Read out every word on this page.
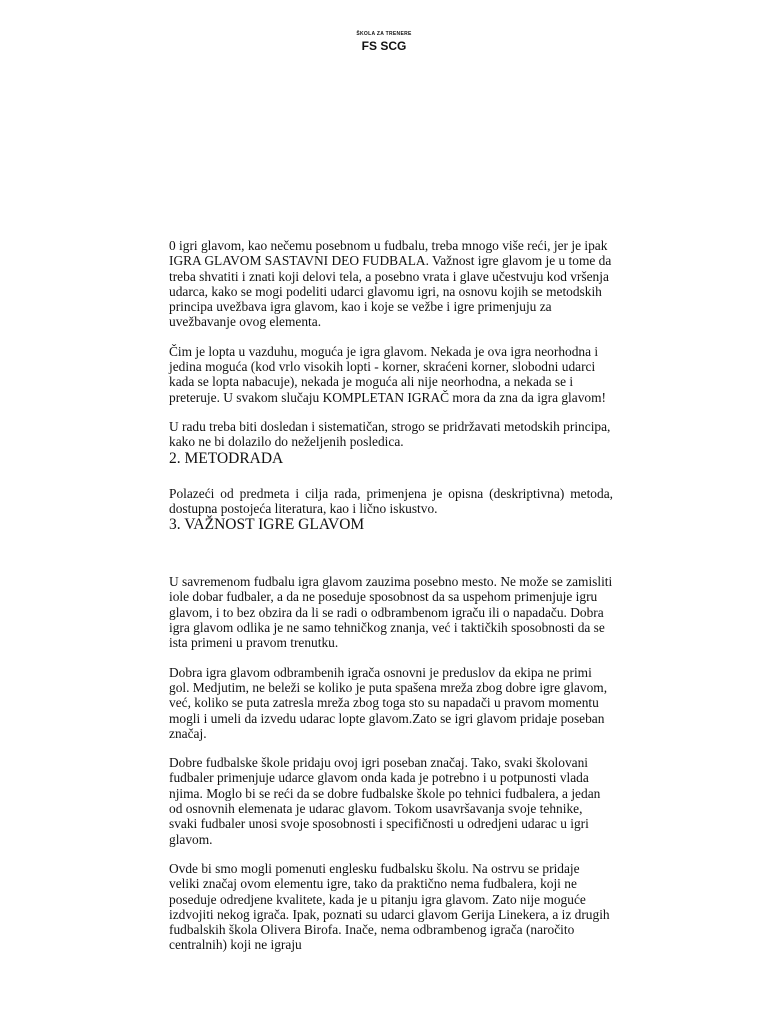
ŠKOLA ZA TRENERE
FS SCG

0 igri glavom, kao nečemu posebnom u fudbalu, treba mnogo više reći, jer je ipak IGRA GLAVOM SASTAVNI DEO FUDBALA. Važnost igre glavom je u tome da treba shvatiti i znati koji delovi tela, a posebno vrata i glave učestvuju kod vršenja udarca, kako se mogi podeliti udarci glavomu igri, na osnovu kojih se metodskih principa uvežbava igra glavom, kao i koje se vežbe i igre primenjuju za uvežbavanje ovog elementa.

Čim je lopta u vazduhu, moguća je igra glavom. Nekada je ova igra neorhodna i jedina moguća (kod vrlo visokih lopti - korner, skraćeni korner, slobodni udarci kada se lopta nabacuje), nekada je moguća ali nije neorhodna, a nekada se i preteruje. U svakom slučaju KOMPLETAN IGRAČ mora da zna da igra glavom!

U radu treba biti dosledan i sistematičan, strogo se pridržavati metodskih principa, kako ne bi dolazilo do neželjenih posledica.

2. METODRADA

Polazeći od predmeta i cilja rada, primenjena je opisna (deskriptivna) metoda, dostupna postojeća literatura, kao i lično iskustvo.

3. VAŽNOST IGRE GLAVOM

U savremenom fudbalu igra glavom zauzima posebno mesto. Ne može se zamisliti iole dobar fudbaler, a da ne poseduje sposobnost da sa uspehom primenjuje igru glavom, i to bez obzira da li se radi o odbrambenom igraču ili o napadaču. Dobra igra glavom odlika je ne samo tehničkog znanja, već i taktičkih sposobnosti da se ista primeni u pravom trenutku.

Dobra igra glavom odbrambenih igrača osnovni je preduslov da ekipa ne primi gol. Medjutim, ne beleži se koliko je puta spašena mreža zbog dobre igre glavom, već, koliko se puta zatresla mreža zbog toga sto su napadači u pravom momentu mogli i umeli da izvedu udarac lopte glavom.Zato se igri glavom pridaje poseban značaj.

Dobre fudbalske škole pridaju ovoj igri poseban značaj. Tako, svaki školovani fudbaler primenjuje udarce glavom onda kada je potrebno i u potpunosti vlada njima. Moglo bi se reći da se dobre fudbalske škole po tehnici fudbalera, a jedan od osnovnih elemenata je udarac glavom. Tokom usavršavanja svoje tehnike, svaki fudbaler unosi svoje sposobnosti i specifičnosti u odredjeni udarac u igri glavom.

Ovde bi smo mogli pomenuti englesku fudbalsku školu. Na ostrvu se pridaje veliki značaj ovom elementu igre, tako da praktično nema fudbalera, koji ne poseduje odredjene kvalitete, kada je u pitanju igra glavom. Zato nije moguće izdvojiti nekog igrača. Ipak, poznati su udarci glavom Gerija Linekera, a iz drugih fudbalskih škola Olivera Birofa. Inače, nema odbrambenog igrača (naročito centralnih) koji ne igraju
